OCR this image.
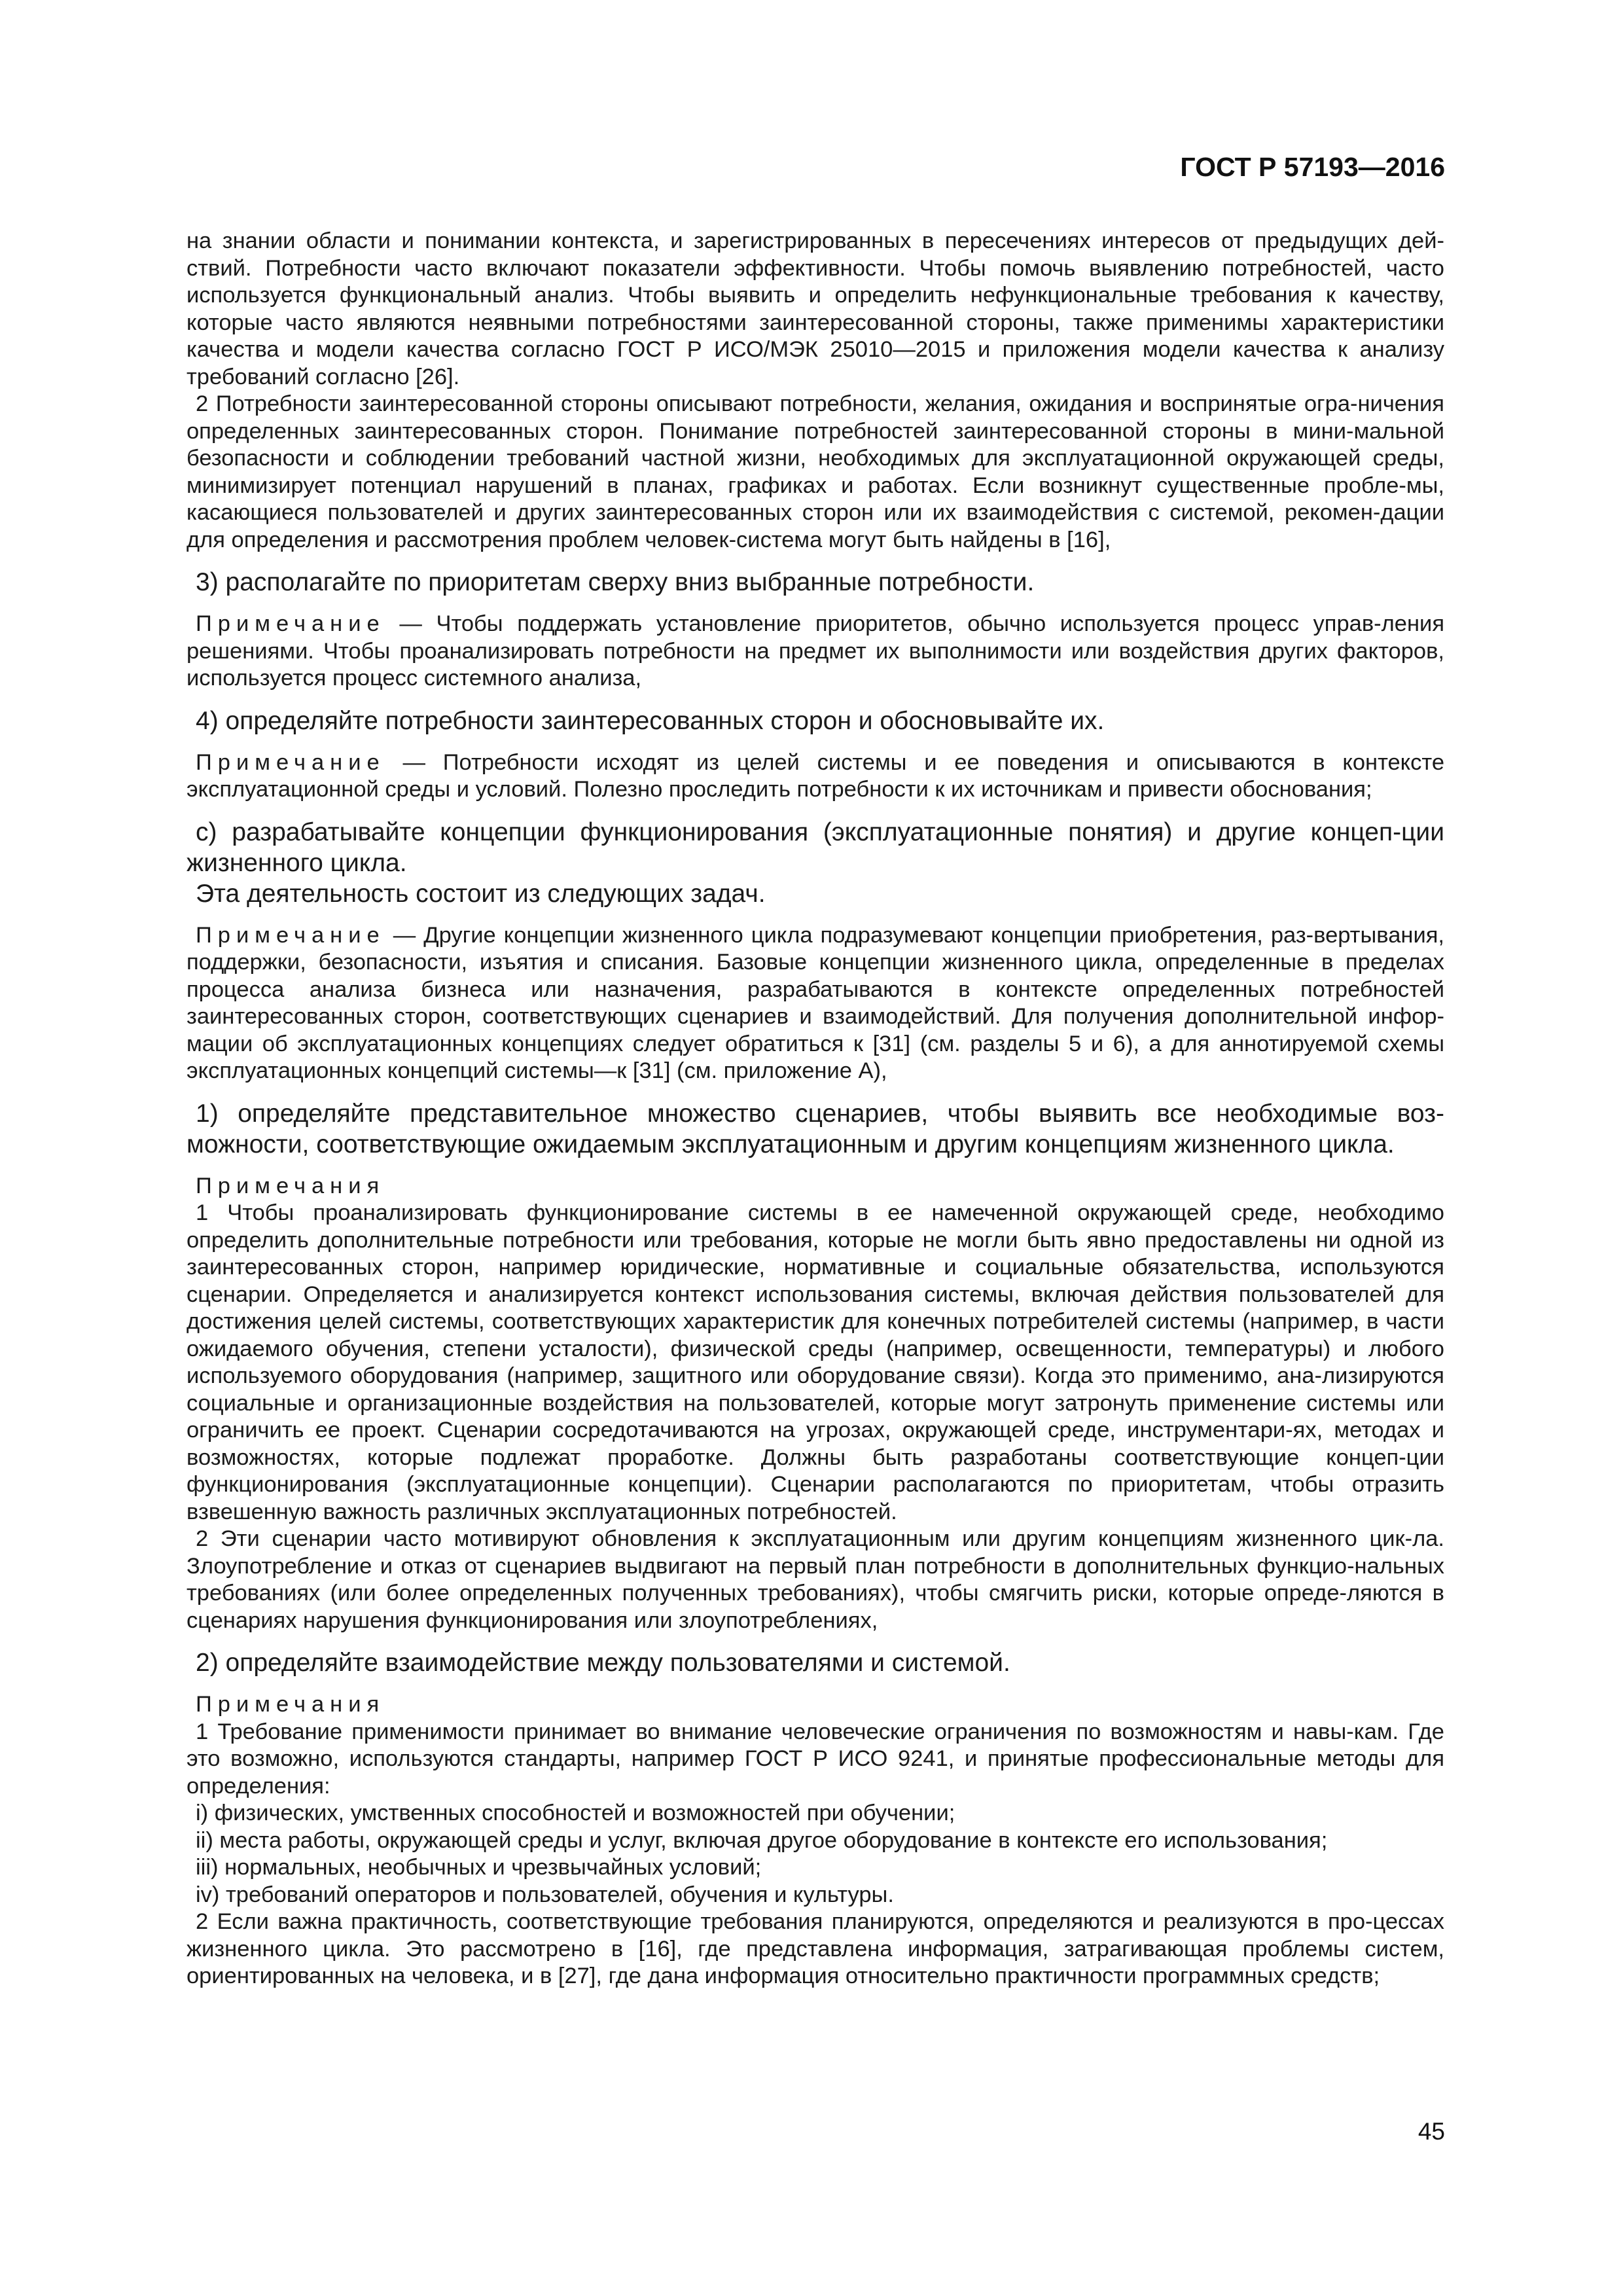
ГОСТ Р 57193—2016

на знании области и понимании контекста, и зарегистрированных в пересечениях интересов от предыдущих дей-ствий. Потребности часто включают показатели эффективности. Чтобы помочь выявлению потребностей, часто используется функциональный анализ. Чтобы выявить и определить нефункциональные требования к качеству, которые часто являются неявными потребностями заинтересованной стороны, также применимы характеристики качества и модели качества согласно ГОСТ Р ИСО/МЭК 25010—2015 и приложения модели качества к анализу требований согласно [26].

2 Потребности заинтересованной стороны описывают потребности, желания, ожидания и воспринятые огра-ничения определенных заинтересованных сторон. Понимание потребностей заинтересованной стороны в мини-мальной безопасности и соблюдении требований частной жизни, необходимых для эксплуатационной окружающей среды, минимизирует потенциал нарушений в планах, графиках и работах. Если возникнут существенные пробле-мы, касающиеся пользователей и других заинтересованных сторон или их взаимодействия с системой, рекомен-дации для определения и рассмотрения проблем человек-система могут быть найдены в [16],

3) располагайте по приоритетам сверху вниз выбранные потребности.

Примечание — Чтобы поддержать установление приоритетов, обычно используется процесс управ-ления решениями. Чтобы проанализировать потребности на предмет их выполнимости или воздействия других факторов, используется процесс системного анализа,

4) определяйте потребности заинтересованных сторон и обосновывайте их.

Примечание — Потребности исходят из целей системы и ее поведения и описываются в контексте эксплуатационной среды и условий. Полезно проследить потребности к их источникам и привести обоснования;

с) разрабатывайте концепции функционирования (эксплуатационные понятия) и другие концеп-ции жизненного цикла.

Эта деятельность состоит из следующих задач.

Примечание — Другие концепции жизненного цикла подразумевают концепции приобретения, раз-вертывания, поддержки, безопасности, изъятия и списания. Базовые концепции жизненного цикла, определенные в пределах процесса анализа бизнеса или назначения, разрабатываются в контексте определенных потребностей заинтересованных сторон, соответствующих сценариев и взаимодействий. Для получения дополнительной инфор-мации об эксплуатационных концепциях следует обратиться к [31] (см. разделы 5 и 6), а для аннотируемой схемы эксплуатационных концепций системы—к [31] (см. приложение А),

1) определяйте представительное множество сценариев, чтобы выявить все необходимые воз-можности, соответствующие ожидаемым эксплуатационным и другим концепциям жизненного цикла.

Примечания

1 Чтобы проанализировать функционирование системы в ее намеченной окружающей среде, необходимо определить дополнительные потребности или требования, которые не могли быть явно предоставлены ни одной из заинтересованных сторон, например юридические, нормативные и социальные обязательства, используются сценарии. Определяется и анализируется контекст использования системы, включая действия пользователей для достижения целей системы, соответствующих характеристик для конечных потребителей системы (например, в части ожидаемого обучения, степени усталости), физической среды (например, освещенности, температуры) и любого используемого оборудования (например, защитного или оборудование связи). Когда это применимо, ана-лизируются социальные и организационные воздействия на пользователей, которые могут затронуть применение системы или ограничить ее проект. Сценарии сосредотачиваются на угрозах, окружающей среде, инструментари-ях, методах и возможностях, которые подлежат проработке. Должны быть разработаны соответствующие концеп-ции функционирования (эксплуатационные концепции). Сценарии располагаются по приоритетам, чтобы отразить взвешенную важность различных эксплуатационных потребностей.

2 Эти сценарии часто мотивируют обновления к эксплуатационным или другим концепциям жизненного цик-ла. Злоупотребление и отказ от сценариев выдвигают на первый план потребности в дополнительных функцио-нальных требованиях (или более определенных полученных требованиях), чтобы смягчить риски, которые опреде-ляются в сценариях нарушения функционирования или злоупотреблениях,

2) определяйте взаимодействие между пользователями и системой.

Примечания

1 Требование применимости принимает во внимание человеческие ограничения по возможностям и навы-кам. Где это возможно, используются стандарты, например ГОСТ Р ИСО 9241, и принятые профессиональные методы для определения:

i) физических, умственных способностей и возможностей при обучении;

ii) места работы, окружающей среды и услуг, включая другое оборудование в контексте его использования;

iii) нормальных, необычных и чрезвычайных условий;

iv) требований операторов и пользователей, обучения и культуры.

2 Если важна практичность, соответствующие требования планируются, определяются и реализуются в про-цессах жизненного цикла. Это рассмотрено в [16], где представлена информация, затрагивающая проблемы систем, ориентированных на человека, и в [27], где дана информация относительно практичности программных средств;

45
